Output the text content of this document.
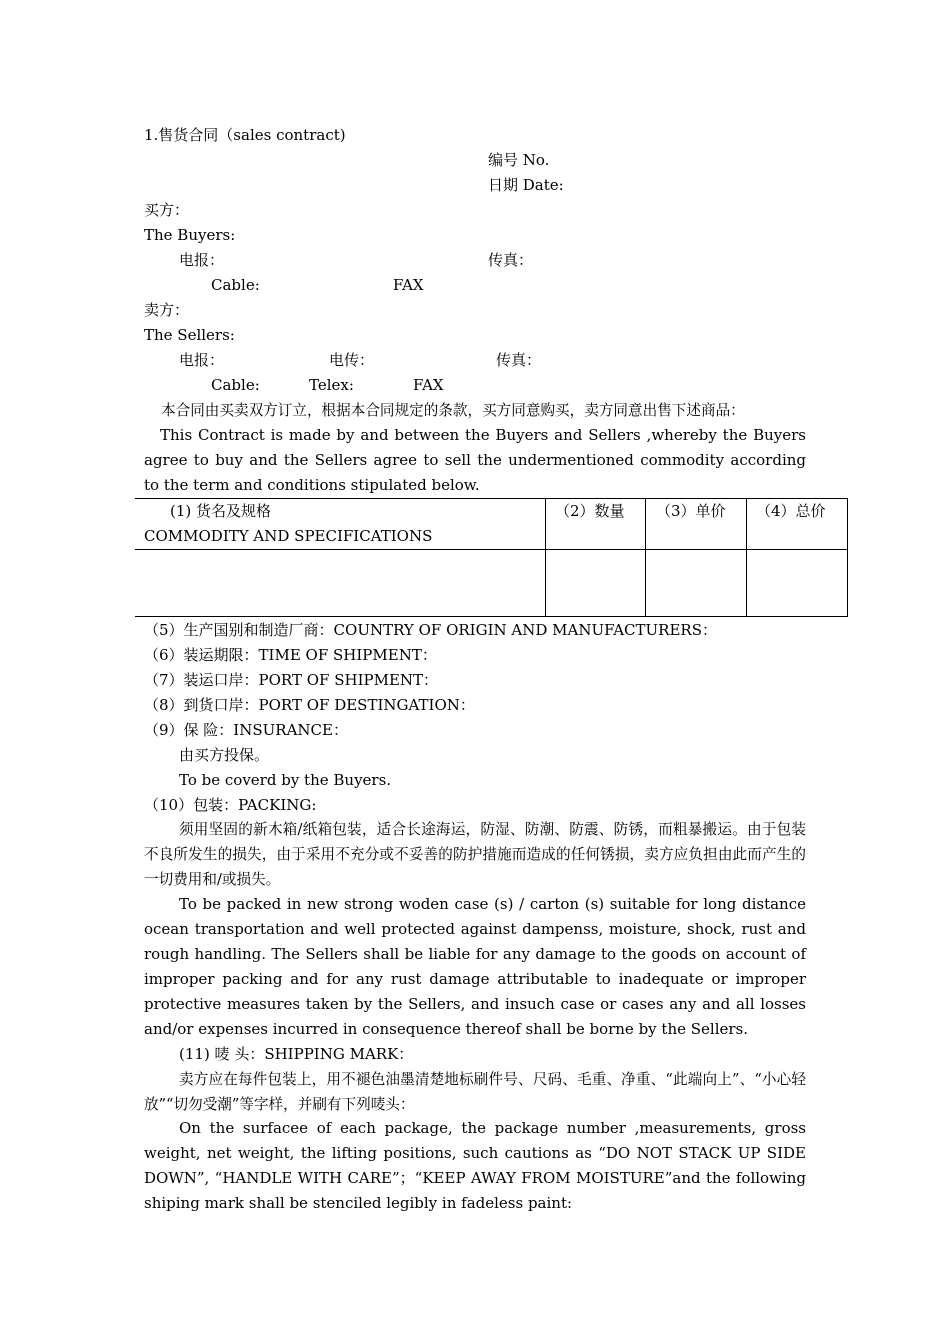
1.售货合同（sales contract)
编号 No.
日期 Date:
买方：
The Buyers:
电报：	传真：
Cable:	FAX
卖方：
The Sellers:
电报：	电传：	传真：
Cable:	Telex:	FAX
本合同由买卖双方订立，根据本合同规定的条款，买方同意购买，卖方同意出售下述商品：
This Contract is made by and between the Buyers and Sellers ,whereby the Buyers agree to buy and the Sellers agree to sell the undermentioned commodity according to the term and conditions stipulated below.
(1) 货名及规格
COMMODITY AND SPECIFICATIONS
（2）数量 （3）单价 （4）总价
（5）生产国别和制造厂商：COUNTRY OF ORIGIN AND MANUFACTURERS：
（6）装运期限：TIME OF SHIPMENT：
（7）装运口岸：PORT OF SHIPMENT：
（8）到货口岸：PORT OF DESTINGATION：
（9）保 险：INSURANCE：
由买方投保。
To be coverd by the Buyers.
（10）包装：PACKING:
须用坚固的新木箱/纸箱包装，适合长途海运，防湿、防潮、防震、防锈，而粗暴搬运。由于包装不良所发生的损失，由于采用不充分或不妥善的防护措施而造成的任何锈损，卖方应负担由此而产生的一切费用和/或损失。
To be packed in new strong woden case (s) / carton (s) suitable for long distance ocean transportation and well protected against dampenss, moisture, shock, rust and rough handling. The Sellers shall be liable for any damage to the goods on account of improper packing and for any rust damage attributable to inadequate or improper protective measures taken by the Sellers, and insuch case or cases any and all losses and/or expenses incurred in consequence thereof shall be borne by the Sellers.
(11) 唛 头：SHIPPING MARK：
卖方应在每件包装上，用不褪色油墨清楚地标刷件号、尺码、毛重、净重、“此端向上”、“小心轻放”“切勿受潮”等字样，并刷有下列唛头：
On the surfacee of each package, the package number ,measurements, gross weight, net weight, the lifting positions, such cautions as “DO NOT STACK UP SIDE DOWN”, “HANDLE WITH CARE”；“KEEP AWAY FROM MOISTURE”and the following shiping mark shall be stenciled legibly in fadeless paint:
